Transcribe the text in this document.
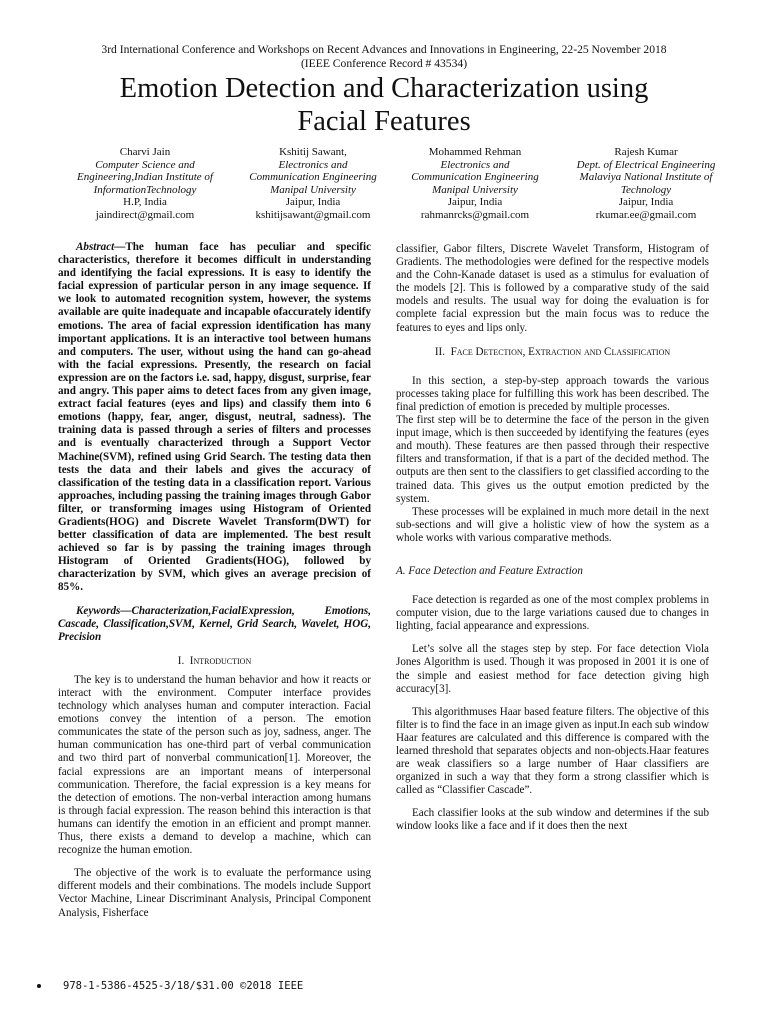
3rd International Conference and Workshops on Recent Advances and Innovations in Engineering, 22-25 November 2018
(IEEE Conference Record # 43534)
Emotion Detection and Characterization using
Facial Features
Charvi Jain
Computer Science and
Engineering,Indian Institute of
InformationTechnology
H.P, India
jaindirect@gmail.com
Kshitij Sawant,
Electronics and
Communication Engineering
Manipal University
Jaipur, India
kshitijsawant@gmail.com
Mohammed Rehman
Electronics and
Communication Engineering
Manipal University
Jaipur, India
rahmanrcks@gmail.com
Rajesh Kumar
Dept. of Electrical Engineering
Malaviya National Institute of
Technology
Jaipur, India
rkumar.ee@gmail.com

Abstract—The human face has peculiar and specific characteristics, therefore it becomes difficult in understanding and identifying the facial expressions. It is easy to identify the facial expression of particular person in any image sequence. If we look to automated recognition system, however, the systems available are quite inadequate and incapable ofaccurately identify emotions. The area of facial expression identification has many important applications. It is an interactive tool between humans and computers. The user, without using the hand can go-ahead with the facial expressions. Presently, the research on facial expression are on the factors i.e. sad, happy, disgust, surprise, fear and angry. This paper aims to detect faces from any given image, extract facial features (eyes and lips) and classify them into 6 emotions (happy, fear, anger, disgust, neutral, sadness). The training data is passed through a series of filters and processes and is eventually characterized through a Support Vector Machine(SVM), refined using Grid Search. The testing data then tests the data and their labels and gives the accuracy of classification of the testing data in a classification report. Various approaches, including passing the training images through Gabor filter, or transforming images using Histogram of Oriented Gradients(HOG) and Discrete Wavelet Transform(DWT) for better classification of data are implemented. The best result achieved so far is by passing the training images through Histogram of Oriented Gradients(HOG), followed by characterization by SVM, which gives an average precision of 85%.

Keywords—Characterization,FacialExpression, Emotions, Cascade, Classification,SVM, Kernel, Grid Search, Wavelet, HOG, Precision

I. Introduction

The key is to understand the human behavior and how it reacts or interact with the environment. Computer interface provides technology which analyses human and computer interaction. Facial emotions convey the intention of a person. The emotion communicates the state of the person such as joy, sadness, anger. The human communication has one-third part of verbal communication and two third part of nonverbal communication[1]. Moreover, the facial expressions are an important means of interpersonal communication. Therefore, the facial expression is a key means for the detection of emotions. The non-verbal interaction among humans is through facial expression. The reason behind this interaction is that humans can identify the emotion in an efficient and prompt manner. Thus, there exists a demand to develop a machine, which can recognize the human emotion.

The objective of the work is to evaluate the performance using different models and their combinations. The models include Support Vector Machine, Linear Discriminant Analysis, Principal Component Analysis, Fisherface

classifier, Gabor filters, Discrete Wavelet Transform, Histogram of Gradients. The methodologies were defined for the respective models and the Cohn-Kanade dataset is used as a stimulus for evaluation of the models [2]. This is followed by a comparative study of the said models and results. The usual way for doing the evaluation is for complete facial expression but the main focus was to reduce the features to eyes and lips only.

II. Face Detection, Extraction and Classification

In this section, a step-by-step approach towards the various processes taking place for fulfilling this work has been described. The final prediction of emotion is preceded by multiple processes.

The first step will be to determine the face of the person in the given input image, which is then succeeded by identifying the features (eyes and mouth). These features are then passed through their respective filters and transformation, if that is a part of the decided method. The outputs are then sent to the classifiers to get classified according to the trained data. This gives us the output emotion predicted by the system.

These processes will be explained in much more detail in the next sub-sections and will give a holistic view of how the system as a whole works with various comparative methods.

A. Face Detection and Feature Extraction

Face detection is regarded as one of the most complex problems in computer vision, due to the large variations caused due to changes in lighting, facial appearance and expressions.

Let’s solve all the stages step by step. For face detection Viola Jones Algorithm is used. Though it was proposed in 2001 it is one of the simple and easiest method for face detection giving high accuracy[3].

This algorithmuses Haar based feature filters. The objective of this filter is to find the face in an image given as input.In each sub window Haar features are calculated and this difference is compared with the learned threshold that separates objects and non-objects.Haar features are weak classifiers so a large number of Haar classifiers are organized in such a way that they form a strong classifier which is called as “Classifier Cascade”.

Each classifier looks at the sub window and determines if the sub window looks like a face and if it does then the next

978-1-5386-4525-3/18/$31.00 ©2018 IEEE
